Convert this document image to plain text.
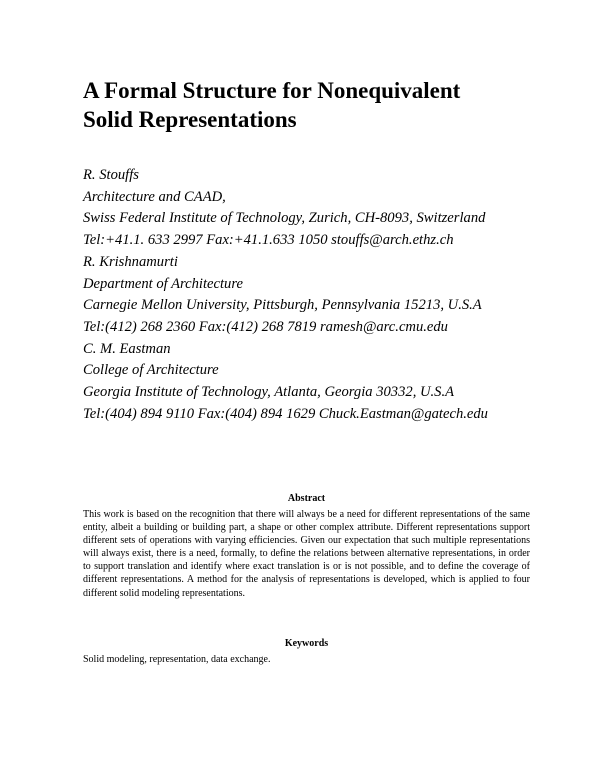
A Formal Structure for Nonequivalent
Solid Representations
R. Stouffs
Architecture and CAAD,
Swiss Federal Institute of Technology, Zurich, CH-8093, Switzerland
Tel:+41.1. 633 2997 Fax:+41.1.633 1050 stouffs@arch.ethz.ch
R. Krishnamurti
Department of Architecture
Carnegie Mellon University, Pittsburgh, Pennsylvania 15213, U.S.A
Tel:(412) 268 2360 Fax:(412) 268 7819 ramesh@arc.cmu.edu
C. M. Eastman
College of Architecture
Georgia Institute of Technology, Atlanta, Georgia 30332, U.S.A
Tel:(404) 894 9110 Fax:(404) 894 1629 Chuck.Eastman@gatech.edu
Abstract
This work is based on the recognition that there will always be a need for different representations of the same entity, albeit a building or building part, a shape or other complex attribute. Different representations support different sets of operations with varying efficiencies. Given our expectation that such multiple representations will always exist, there is a need, formally, to define the relations between alternative representations, in order to support translation and identify where exact translation is or is not possible, and to define the coverage of different representations. A method for the analysis of representations is developed, which is applied to four different solid modeling representations.
Keywords
Solid modeling, representation, data exchange.
